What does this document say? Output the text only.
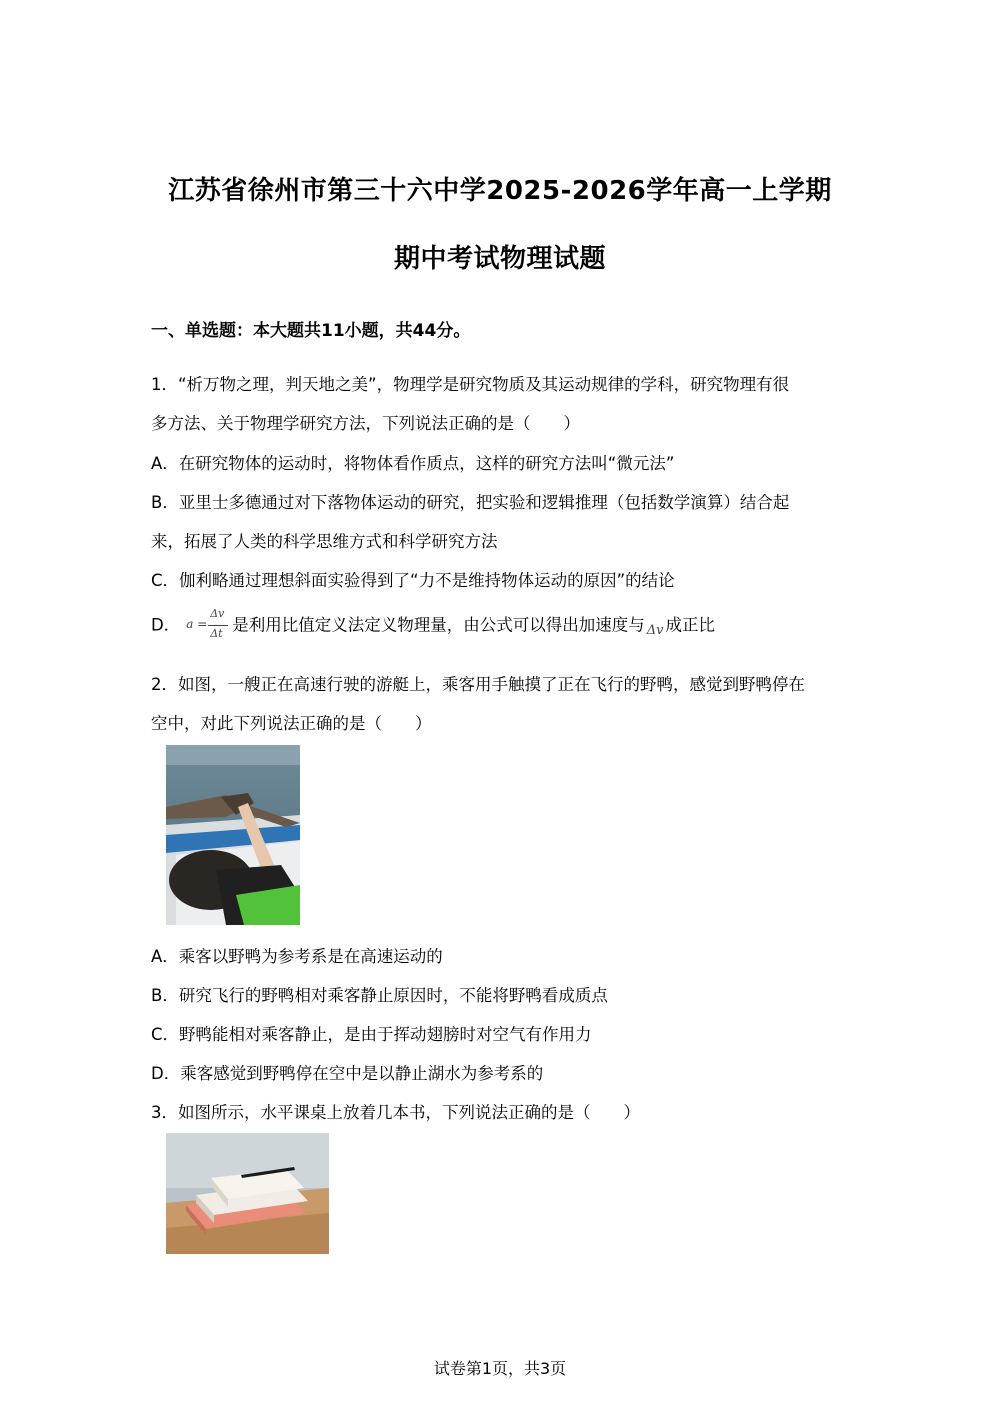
江苏省徐州市第三十六中学2025-2026学年高一上学期
期中考试物理试题
一、单选题：本大题共11小题，共44分。
1．“析万物之理，判天地之美”，物理学是研究物质及其运动规律的学科，研究物理有很
多方法、关于物理学研究方法，下列说法正确的是（　　）
A．在研究物体的运动时，将物体看作质点，这样的研究方法叫“微元法”
B．亚里士多德通过对下落物体运动的研究，把实验和逻辑推理（包括数学演算）结合起
来，拓展了人类的科学思维方式和科学研究方法
C．伽利略通过理想斜面实验得到了“力不是维持物体运动的原因”的结论
D． a =
Δv
Δt 是利用比值定义法定义物理量，由公式可以得出加速度与 Δv 成正比
2．如图，一艘正在高速行驶的游艇上，乘客用手触摸了正在飞行的野鸭，感觉到野鸭停在
空中，对此下列说法正确的是（　　）
A．乘客以野鸭为参考系是在高速运动的
B．研究飞行的野鸭相对乘客静止原因时，不能将野鸭看成质点
C．野鸭能相对乘客静止，是由于挥动翅膀时对空气有作用力
D．乘客感觉到野鸭停在空中是以静止湖水为参考系的
3．如图所示，水平课桌上放着几本书，下列说法正确的是（　　）
试卷第1页，共3页
